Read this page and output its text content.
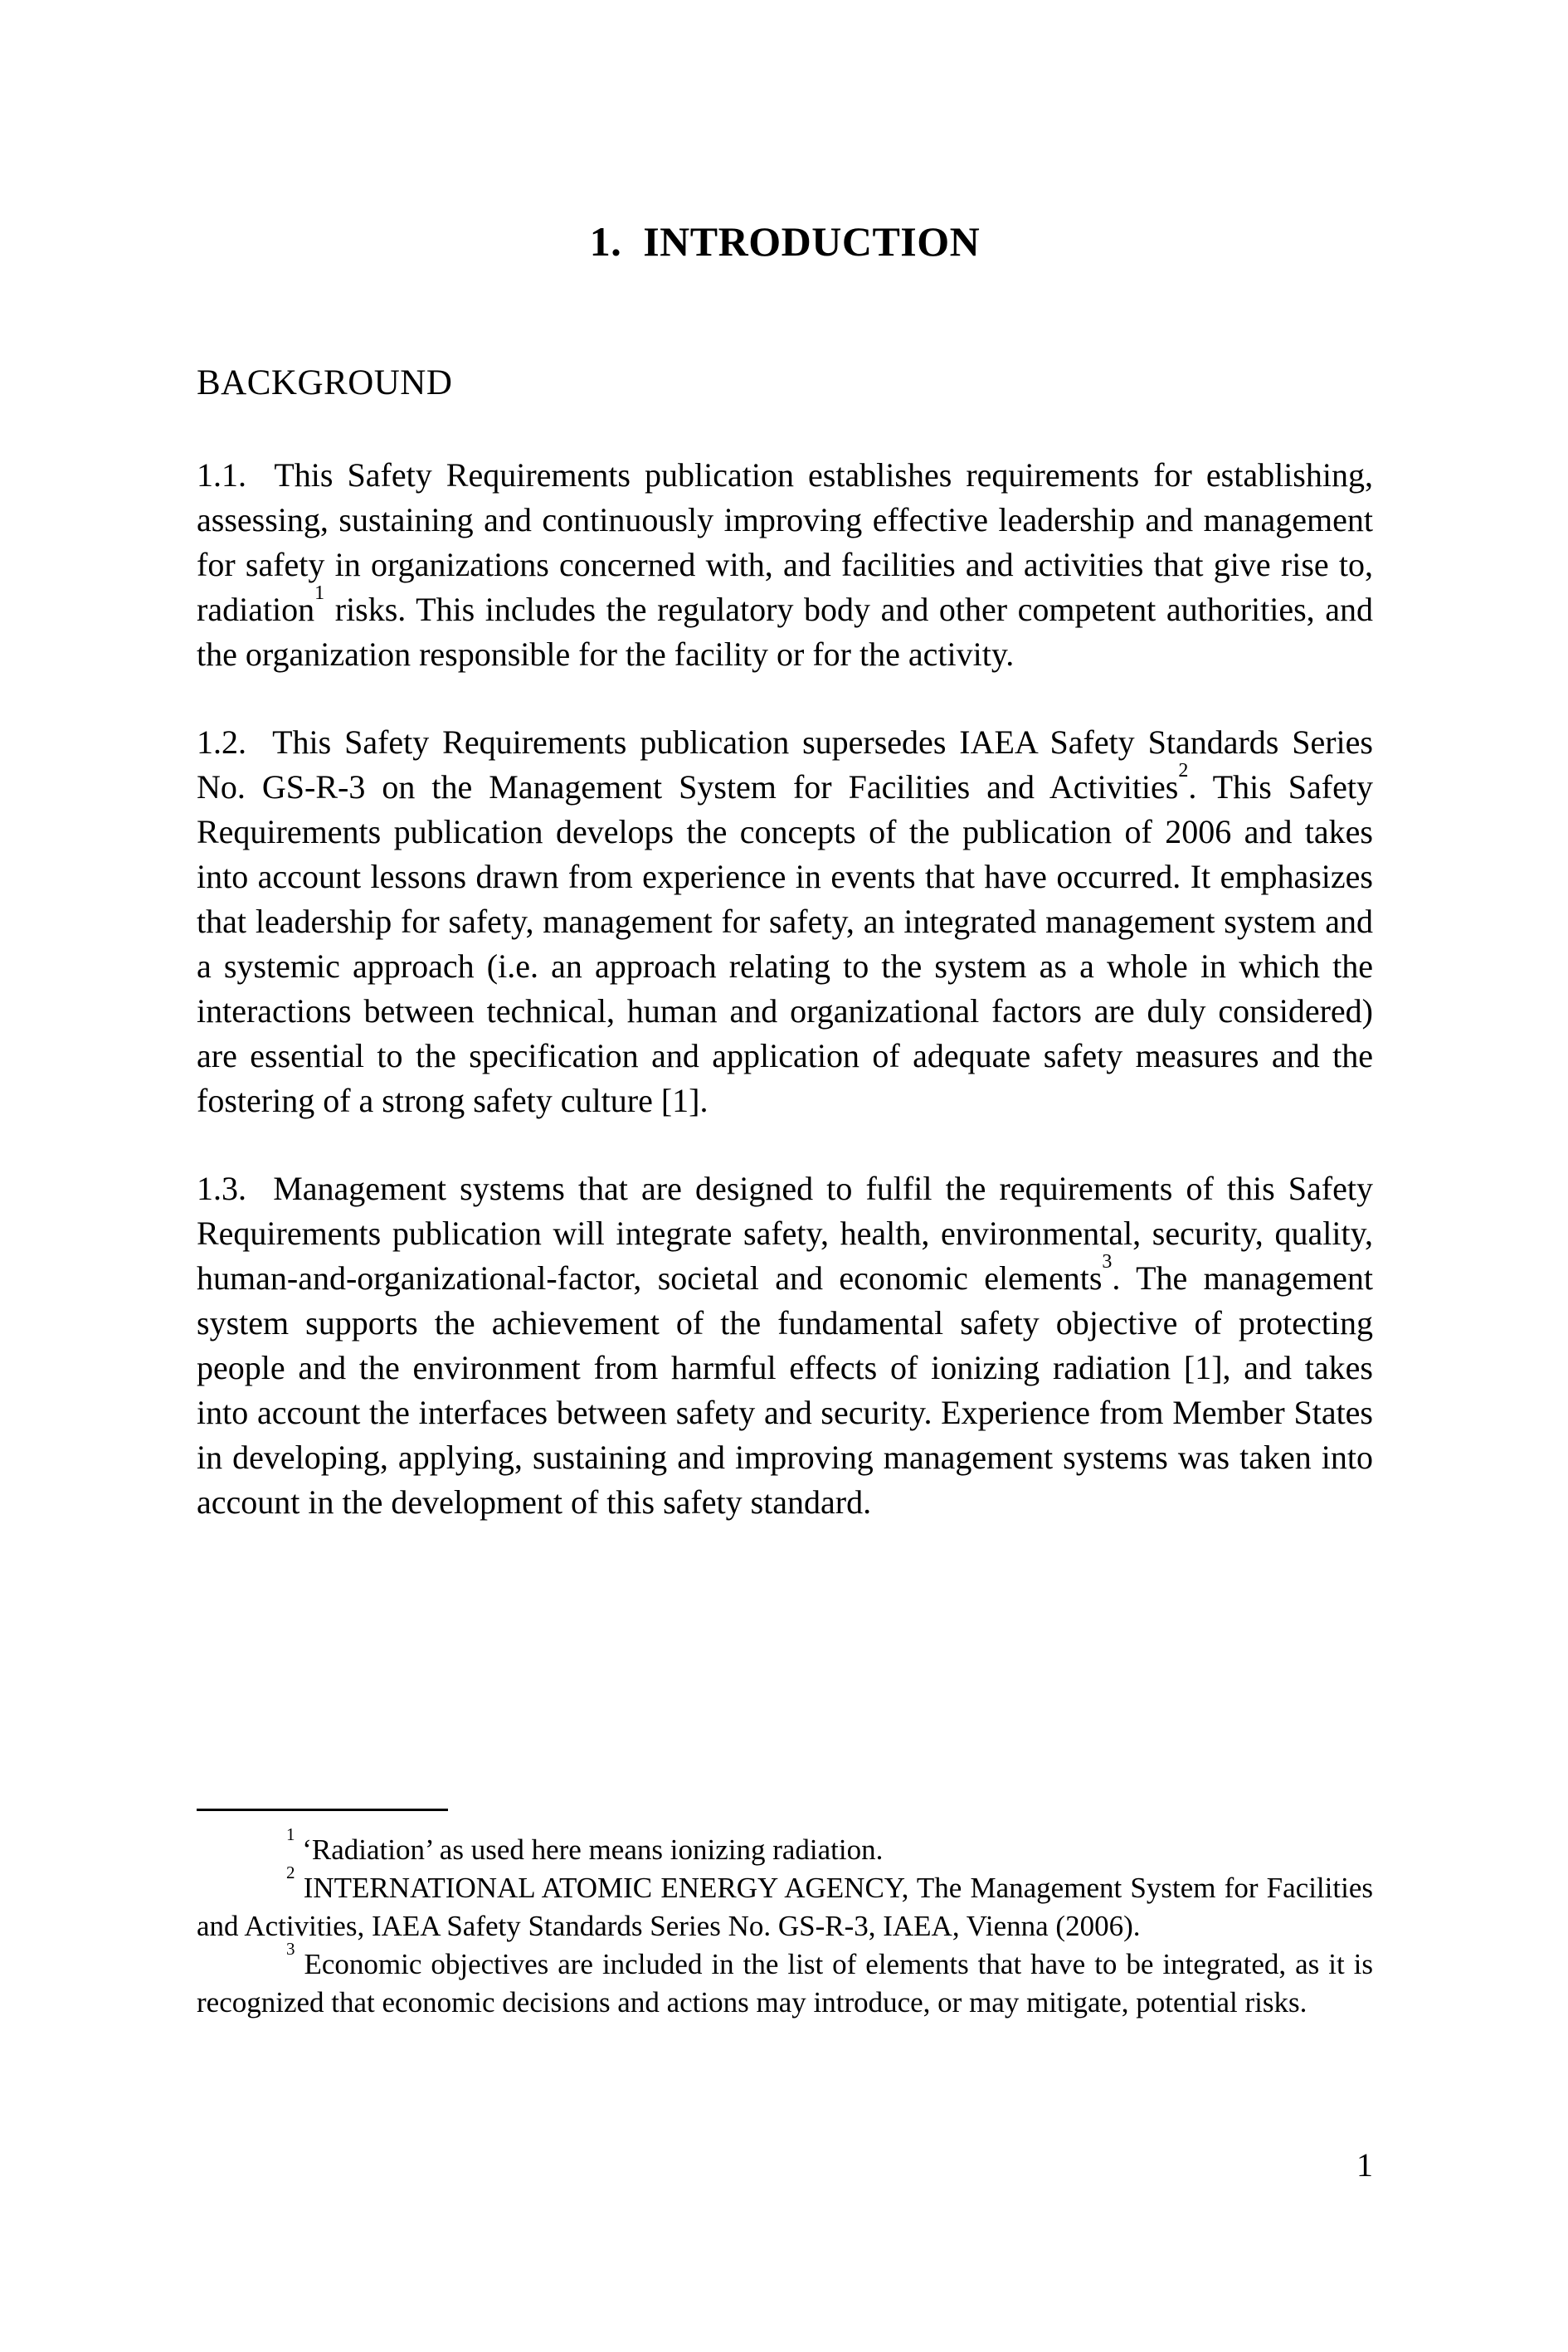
1.  INTRODUCTION
BACKGROUND

1.1.  This Safety Requirements publication establishes requirements for establishing, assessing, sustaining and continuously improving effective leadership and management for safety in organizations concerned with, and facilities and activities that give rise to, radiation$^1$ risks. This includes the regulatory body and other competent authorities, and the organization responsible for the facility or for the activity.

1.2.  This Safety Requirements publication supersedes IAEA Safety Standards Series No. GS-R-3 on the Management System for Facilities and Activities$^2$. This Safety Requirements publication develops the concepts of the publication of 2006 and takes into account lessons drawn from experience in events that have occurred. It emphasizes that leadership for safety, management for safety, an integrated management system and a systemic approach (i.e. an approach relating to the system as a whole in which the interactions between technical, human and organizational factors are duly considered) are essential to the specification and application of adequate safety measures and the fostering of a strong safety culture [1].

1.3.  Management systems that are designed to fulfil the requirements of this Safety Requirements publication will integrate safety, health, environmental, security, quality, human-and-organizational-factor, societal and economic elements$^3$. The management system supports the achievement of the fundamental safety objective of protecting people and the environment from harmful effects of ionizing radiation [1], and takes into account the interfaces between safety and security. Experience from Member States in developing, applying, sustaining and improving management systems was taken into account in the development of this safety standard.

$^1$ ‘Radiation’ as used here means ionizing radiation.

$^2$ INTERNATIONAL ATOMIC ENERGY AGENCY, The Management System for Facilities and Activities, IAEA Safety Standards Series No. GS-R-3, IAEA, Vienna (2006).

$^3$ Economic objectives are included in the list of elements that have to be integrated, as it is recognized that economic decisions and actions may introduce, or may mitigate, potential risks.

1
